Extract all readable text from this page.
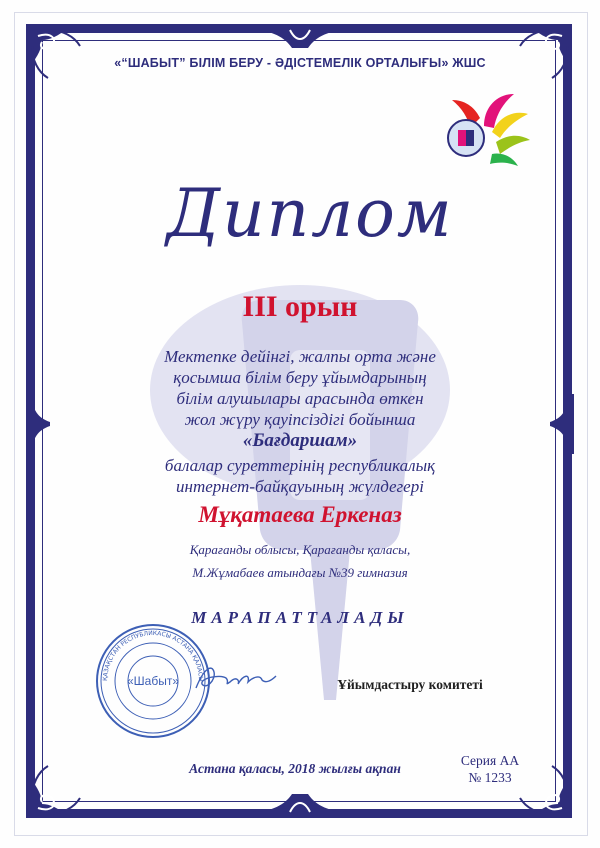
«“ШАБЫТ” БІЛІМ БЕРУ - ӘДІСТЕМЕЛІК ОРТАЛЫҒЫ» ЖШС
Диплом
III орын
Мектепке дейінгі, жалпы орта және
қосымша білім беру ұйымдарының
білім алушылары арасында өткен
жол жүру қауіпсіздігі бойынша
«Бағдаршам»
балалар суреттерінің республикалық
интернет-байқауының жүлдегері
Мұқатаева Еркеназ
Қарағанды облысы, Қарағанды қаласы,
М.Жұмабаев атындағы №39 гимназия
МАРАПАТТАЛАДЫ
ҚАЗАҚСТАН РЕСПУБЛИКАСЫ АСТАНА ҚАЛАСЫ
«Шабыт»	Ұйымдастыру комитеті
Астана қаласы, 2018 жылғы ақпан
Серия АА
№ 1233
